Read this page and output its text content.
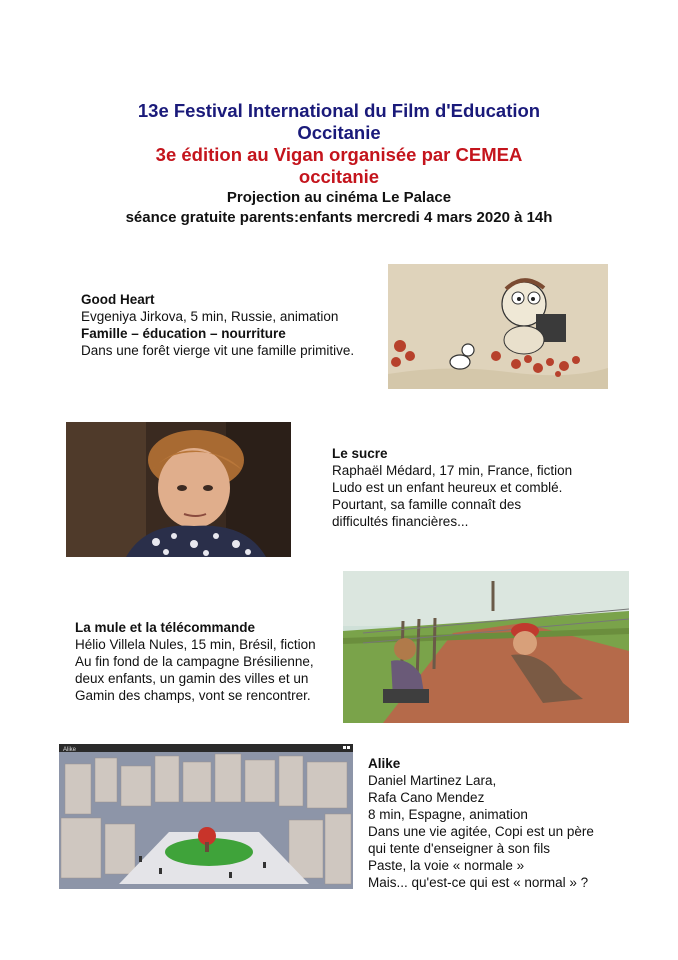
13e Festival International du Film d'Education
Occitanie
3e édition au Vigan organisée par CEMEA
occitanie
Projection au cinéma Le Palace
séance gratuite parents:enfants mercredi 4 mars 2020 à 14h
Good Heart
Evgeniya Jirkova, 5 min, Russie, animation
Famille – éducation – nourriture
Dans une forêt vierge vit une famille primitive.
Le sucre
Raphaël Médard, 17 min, France, fiction
Ludo est un enfant heureux et comblé.
Pourtant, sa famille connaît des
difficultés financières...
La mule et la télécommande
Hélio Villela Nules, 15 min, Brésil, fiction
Au fin fond de la campagne Brésilienne,
deux enfants, un gamin des villes et un
Gamin des champs, vont se rencontrer.
Alike
Alike
Daniel Martinez Lara,
Rafa Cano Mendez
8 min, Espagne, animation
Dans une vie agitée, Copi est un père
qui tente d'enseigner à son fils
Paste, la voie « normale »
Mais... qu'est-ce qui est « normal » ?
